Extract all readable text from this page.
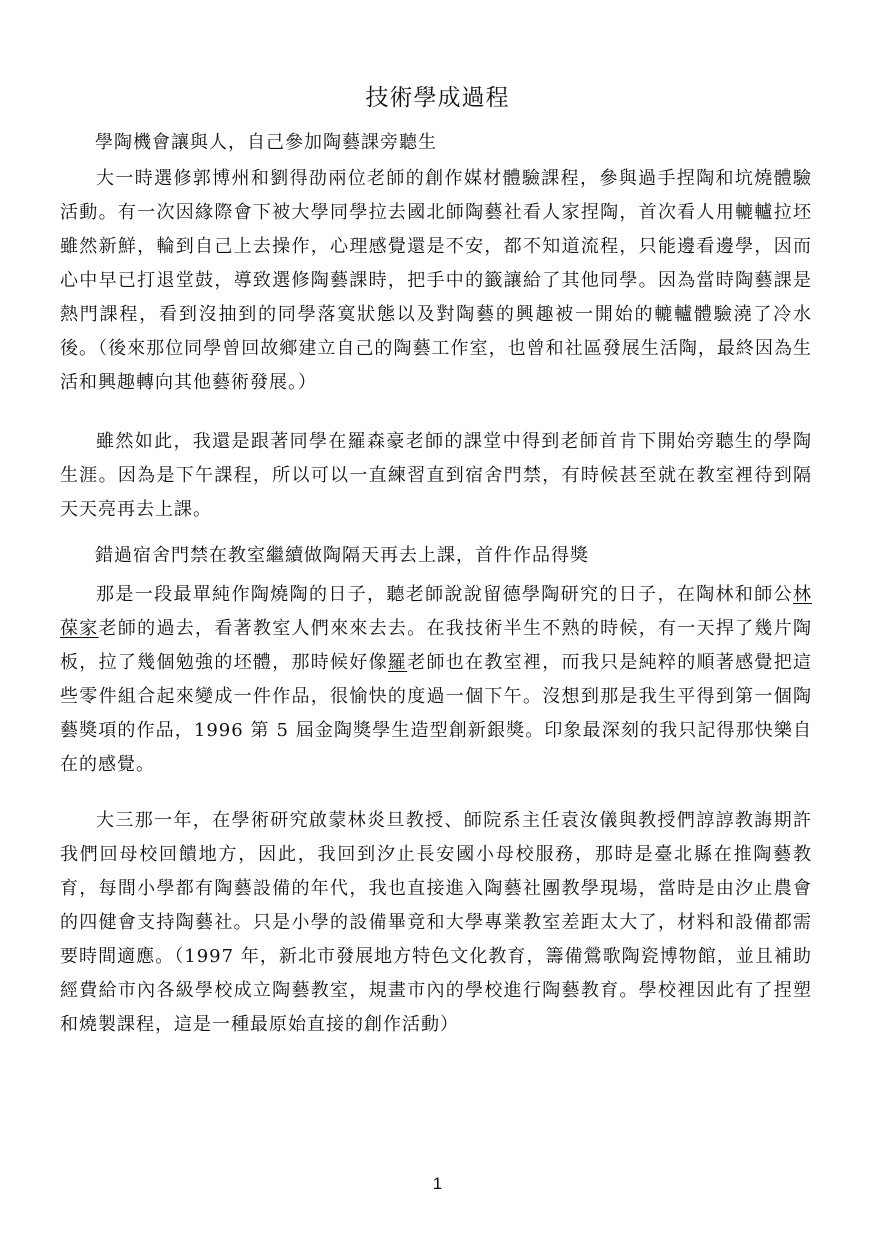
技術學成過程
學陶機會讓與人，自己參加陶藝課旁聽生

大一時選修郭博州和劉得劭兩位老師的創作媒材體驗課程，參與過手捏陶和坑燒體驗活動。有一次因緣際會下被大學同學拉去國北師陶藝社看人家捏陶，首次看人用轆轤拉坯雖然新鮮，輪到自己上去操作，心理感覺還是不安，都不知道流程，只能邊看邊學，因而心中早已打退堂鼓，導致選修陶藝課時，把手中的籤讓給了其他同學。因為當時陶藝課是熱門課程，看到沒抽到的同學落寞狀態以及對陶藝的興趣被一開始的轆轤體驗澆了冷水後。（後來那位同學曾回故鄉建立自己的陶藝工作室，也曾和社區發展生活陶，最終因為生活和興趣轉向其他藝術發展。）

雖然如此，我還是跟著同學在羅森豪老師的課堂中得到老師首肯下開始旁聽生的學陶生涯。因為是下午課程，所以可以一直練習直到宿舍門禁，有時候甚至就在教室裡待到隔天天亮再去上課。

錯過宿舍門禁在教室繼續做陶隔天再去上課，首件作品得獎

那是一段最單純作陶燒陶的日子，聽老師說說留德學陶研究的日子，在陶林和師公林葆家老師的過去，看著教室人們來來去去。在我技術半生不熟的時候，有一天捍了幾片陶板，拉了幾個勉強的坯體，那時候好像羅老師也在教室裡，而我只是純粹的順著感覺把這些零件組合起來變成一件作品，很愉快的度過一個下午。沒想到那是我生平得到第一個陶藝獎項的作品，1996 第 5 屆金陶獎學生造型創新銀獎。印象最深刻的我只記得那快樂自在的感覺。

大三那一年，在學術研究啟蒙林炎旦教授、師院系主任袁汝儀與教授們諄諄教誨期許我們回母校回饋地方，因此，我回到汐止長安國小母校服務，那時是臺北縣在推陶藝教育，每間小學都有陶藝設備的年代，我也直接進入陶藝社團教學現場，當時是由汐止農會的四健會支持陶藝社。只是小學的設備畢竟和大學專業教室差距太大了，材料和設備都需要時間適應。（1997 年，新北市發展地方特色文化教育，籌備鶯歌陶瓷博物館，並且補助經費給市內各級學校成立陶藝教室，規畫市內的學校進行陶藝教育。學校裡因此有了捏塑和燒製課程，這是一種最原始直接的創作活動）

1
